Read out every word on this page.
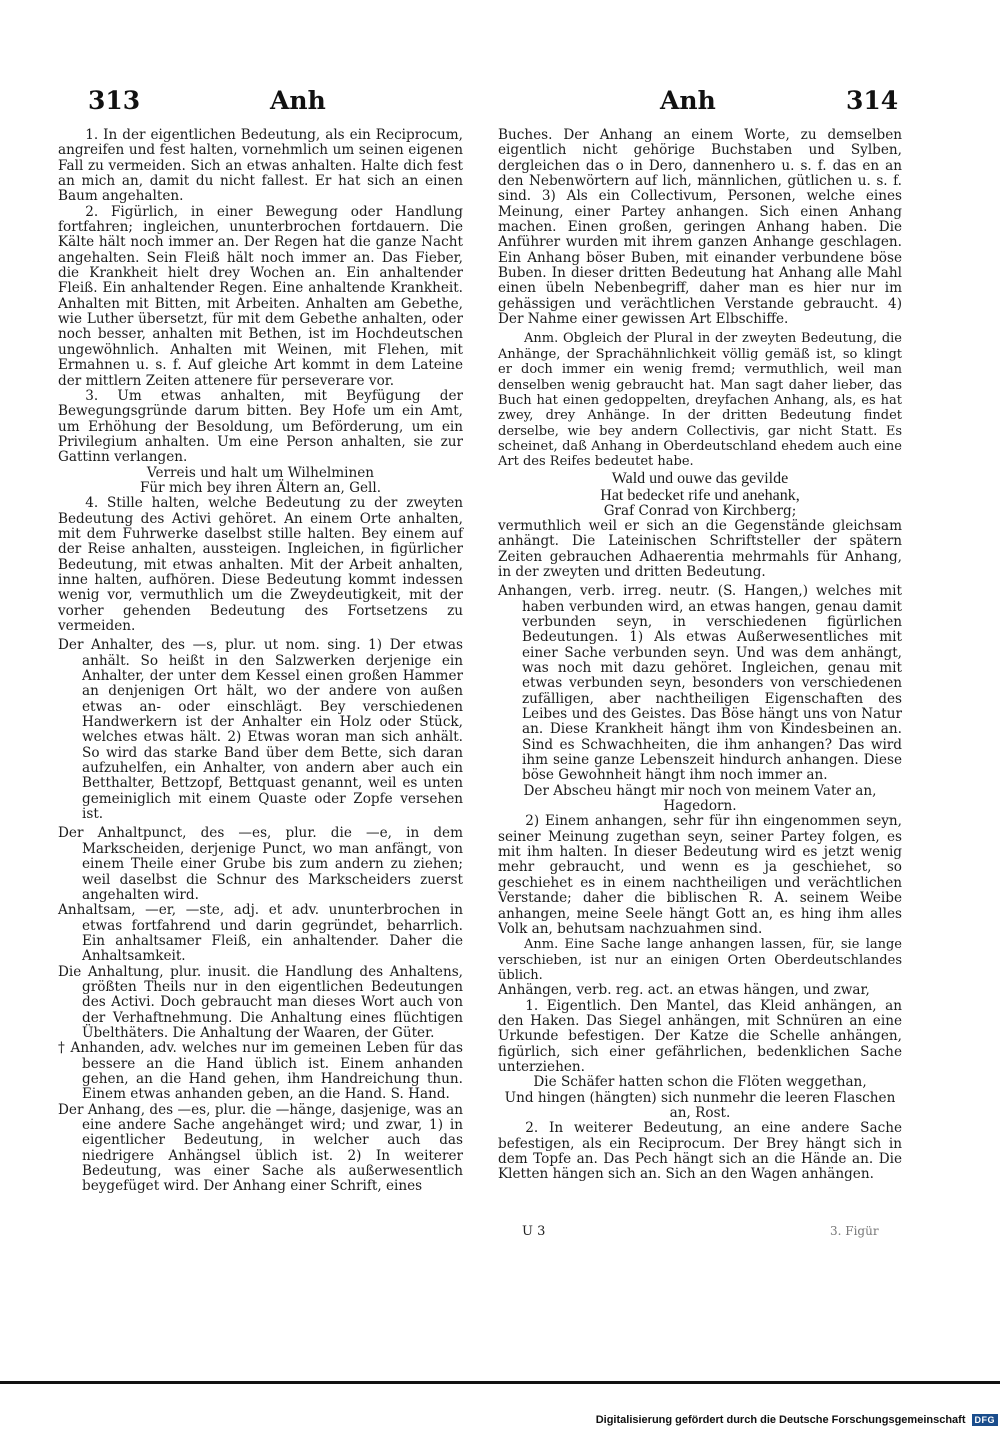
313	Anh	Anh	314

1. In der eigentlichen Bedeutung, als ein Reciprocum, angreifen und fest halten, vornehmlich um seinen eigenen Fall zu vermeiden. Sich an etwas anhalten. Halte dich fest an mich an, damit du nicht fallest. Er hat sich an einen Baum angehalten.

2. Figürlich, in einer Bewegung oder Handlung fortfahren; ingleichen, ununterbrochen fortdauern. Die Kälte hält noch immer an. Der Regen hat die ganze Nacht angehalten. Sein Fleiß hält noch immer an. Das Fieber, die Krankheit hielt drey Wochen an. Ein anhaltender Fleiß. Ein anhaltender Regen. Eine anhaltende Krankheit. Anhalten mit Bitten, mit Arbeiten. Anhalten am Gebethe, wie Luther übersetzt, für mit dem Gebethe anhalten, oder noch besser, anhalten mit Bethen, ist im Hochdeutschen ungewöhnlich. Anhalten mit Weinen, mit Flehen, mit Ermahnen u. s. f. Auf gleiche Art kommt in dem Lateine der mittlern Zeiten attenere für perseverare vor.

3. Um etwas anhalten, mit Beyfügung der Bewegungsgründe darum bitten. Bey Hofe um ein Amt, um Erhöhung der Besoldung, um Beförderung, um ein Privilegium anhalten. Um eine Person anhalten, sie zur Gattinn verlangen.

Verreis und halt um Wilhelminen

Für mich bey ihren Ältern an, Gell.

4. Stille halten, welche Bedeutung zu der zweyten Bedeutung des Activi gehöret. An einem Orte anhalten, mit dem Fuhrwerke daselbst stille halten. Bey einem auf der Reise anhalten, aussteigen. Ingleichen, in figürlicher Bedeutung, mit etwas anhalten. Mit der Arbeit anhalten, inne halten, aufhören. Diese Bedeutung kommt indessen wenig vor, vermuthlich um die Zweydeutigkeit, mit der vorher gehenden Bedeutung des Fortsetzens zu vermeiden.

Der Anhalter, des —s, plur. ut nom. sing. 1) Der etwas anhält. So heißt in den Salzwerken derjenige ein Anhalter, der unter dem Kessel einen großen Hammer an denjenigen Ort hält, wo der andere von außen etwas an- oder einschlägt. Bey verschiedenen Handwerkern ist der Anhalter ein Holz oder Stück, welches etwas hält. 2) Etwas woran man sich anhält. So wird das starke Band über dem Bette, sich daran aufzuhelfen, ein Anhalter, von andern aber auch ein Betthalter, Bettzopf, Bettquast genannt, weil es unten gemeiniglich mit einem Quaste oder Zopfe versehen ist.

Der Anhaltpunct, des —es, plur. die —e, in dem Markscheiden, derjenige Punct, wo man anfängt, von einem Theile einer Grube bis zum andern zu ziehen; weil daselbst die Schnur des Markscheiders zuerst angehalten wird.

Anhaltsam, —er, —ste, adj. et adv. ununterbrochen in etwas fortfahrend und darin gegründet, beharrlich. Ein anhaltsamer Fleiß, ein anhaltender. Daher die Anhaltsamkeit.

Die Anhaltung, plur. inusit. die Handlung des Anhaltens, größten Theils nur in den eigentlichen Bedeutungen des Activi. Doch gebraucht man dieses Wort auch von der Verhaftnehmung. Die Anhaltung eines flüchtigen Übelthäters. Die Anhaltung der Waaren, der Güter.

† Anhanden, adv. welches nur im gemeinen Leben für das bessere an die Hand üblich ist. Einem anhanden gehen, an die Hand gehen, ihm Handreichung thun. Einem etwas anhanden geben, an die Hand. S. Hand.

Der Anhang, des —es, plur. die —hänge, dasjenige, was an eine andere Sache angehänget wird; und zwar, 1) in eigentlicher Bedeutung, in welcher auch das niedrigere Anhängsel üblich ist. 2) In weiterer Bedeutung, was einer Sache als außerwesentlich beygefüget wird. Der Anhang einer Schrift, eines

Buches. Der Anhang an einem Worte, zu demselben eigentlich nicht gehörige Buchstaben und Sylben, dergleichen das o in Dero, dannenhero u. s. f. das en an den Nebenwörtern auf lich, männlichen, gütlichen u. s. f. sind. 3) Als ein Collectivum, Personen, welche eines Meinung, einer Partey anhangen. Sich einen Anhang machen. Einen großen, geringen Anhang haben. Die Anführer wurden mit ihrem ganzen Anhange geschlagen. Ein Anhang böser Buben, mit einander verbundene böse Buben. In dieser dritten Bedeutung hat Anhang alle Mahl einen übeln Nebenbegriff, daher man es hier nur im gehässigen und verächtlichen Verstande gebraucht. 4) Der Nahme einer gewissen Art Elbschiffe.

Anm. Obgleich der Plural in der zweyten Bedeutung, die Anhänge, der Sprachähnlichkeit völlig gemäß ist, so klingt er doch immer ein wenig fremd; vermuthlich, weil man denselben wenig gebraucht hat. Man sagt daher lieber, das Buch hat einen gedoppelten, dreyfachen Anhang, als, es hat zwey, drey Anhänge. In der dritten Bedeutung findet derselbe, wie bey andern Collectivis, gar nicht Statt. Es scheinet, daß Anhang in Oberdeutschland ehedem auch eine Art des Reifes bedeutet habe.

Wald und ouwe das gevilde

Hat bedecket rife und anehank,

Graf Conrad von Kirchberg;

vermuthlich weil er sich an die Gegenstände gleichsam anhängt. Die Lateinischen Schriftsteller der spätern Zeiten gebrauchen Adhaerentia mehrmahls für Anhang, in der zweyten und dritten Bedeutung.

Anhangen, verb. irreg. neutr. (S. Hangen,) welches mit haben verbunden wird, an etwas hangen, genau damit verbunden seyn, in verschiedenen figürlichen Bedeutungen. 1) Als etwas Außerwesentliches mit einer Sache verbunden seyn. Und was dem anhängt, was noch mit dazu gehöret. Ingleichen, genau mit etwas verbunden seyn, besonders von verschiedenen zufälligen, aber nachtheiligen Eigenschaften des Leibes und des Geistes. Das Böse hängt uns von Natur an. Diese Krankheit hängt ihm von Kindesbeinen an. Sind es Schwachheiten, die ihm anhangen? Das wird ihm seine ganze Lebenszeit hindurch anhangen. Diese böse Gewohnheit hängt ihm noch immer an.

Der Abscheu hängt mir noch von meinem Vater an,

Hagedorn.

2) Einem anhangen, sehr für ihn eingenommen seyn, seiner Meinung zugethan seyn, seiner Partey folgen, es mit ihm halten. In dieser Bedeutung wird es jetzt wenig mehr gebraucht, und wenn es ja geschiehet, so geschiehet es in einem nachtheiligen und verächtlichen Verstande; daher die biblischen R. A. seinem Weibe anhangen, meine Seele hängt Gott an, es hing ihm alles Volk an, behutsam nachzuahmen sind.

Anm. Eine Sache lange anhangen lassen, für, sie lange verschieben, ist nur an einigen Orten Oberdeutschlandes üblich.

Anhängen, verb. reg. act. an etwas hängen, und zwar,

1. Eigentlich. Den Mantel, das Kleid anhängen, an den Haken. Das Siegel anhängen, mit Schnüren an eine Urkunde befestigen. Der Katze die Schelle anhängen, figürlich, sich einer gefährlichen, bedenklichen Sache unterziehen.

Die Schäfer hatten schon die Flöten weggethan,

Und hingen (hängten) sich nunmehr die leeren Flaschen an, Rost.

2. In weiterer Bedeutung, an eine andere Sache befestigen, als ein Reciprocum. Der Brey hängt sich in dem Topfe an. Das Pech hängt sich an die Hände an. Die Kletten hängen sich an. Sich an den Wagen anhängen.

U 3	3. Figür
Digitalisierung gefördert durch die Deutsche Forschungsgemeinschaft	DFG
